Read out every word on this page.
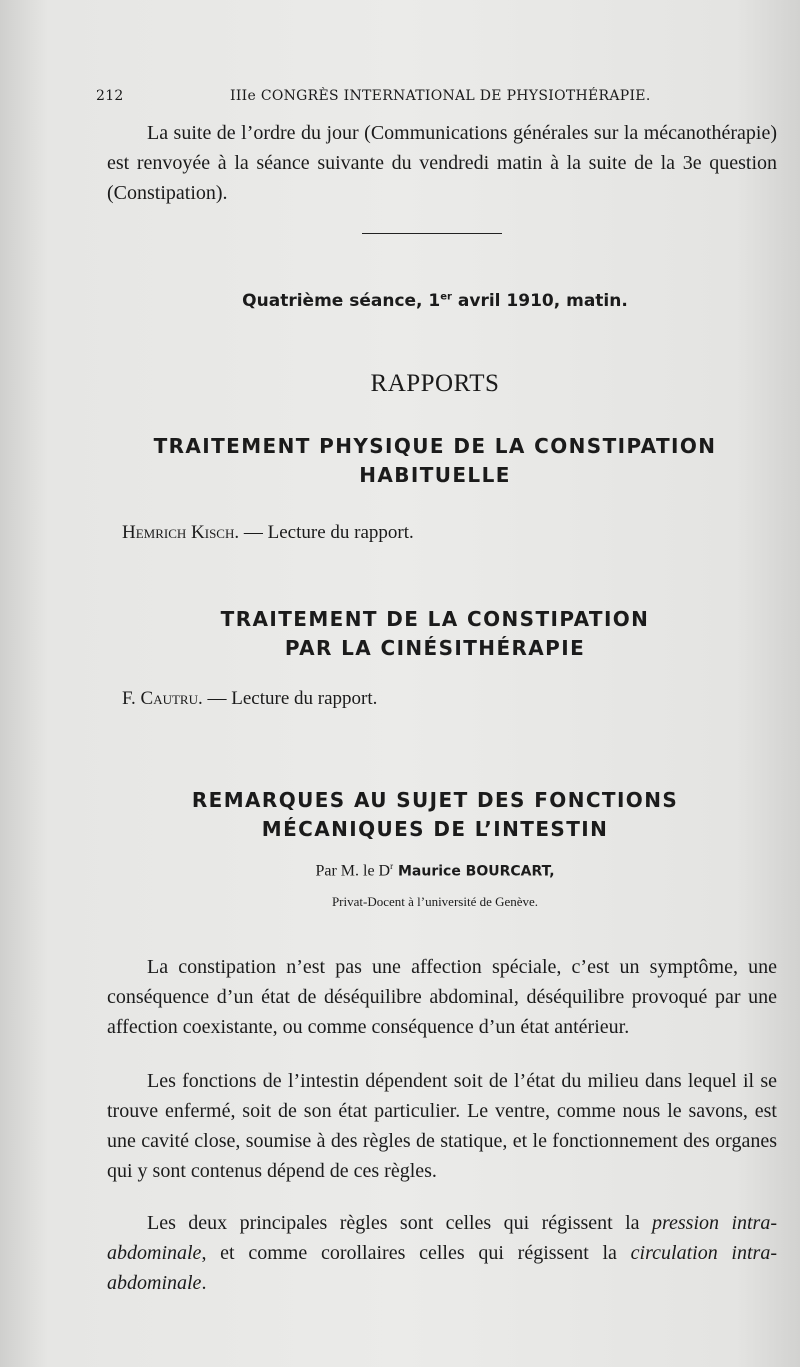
212	IIIe CONGRÈS INTERNATIONAL DE PHYSIOTHÉRAPIE.

La suite de l’ordre du jour (Communications générales sur la mécanothérapie) est renvoyée à la séance suivante du vendredi matin à la suite de la 3e question (Constipation).

Quatrième séance, 1er avril 1910, matin.
RAPPORTS
TRAITEMENT PHYSIQUE DE LA CONSTIPATION
HABITUELLE
Hemrich Kisch. — Lecture du rapport.
TRAITEMENT DE LA CONSTIPATION
PAR LA CINÉSITHÉRAPIE
F. Cautru. — Lecture du rapport.
REMARQUES AU SUJET DES FONCTIONS
MÉCANIQUES DE L’INTESTIN
Par M. le $D^r$ Maurice BOURCART,
Privat-Docent à l’université de Genève.

La constipation n’est pas une affection spéciale, c’est un symptôme, une conséquence d’un état de déséquilibre abdominal, déséquilibre provoqué par une affection coexistante, ou comme conséquence d’un état antérieur.

Les fonctions de l’intestin dépendent soit de l’état du milieu dans lequel il se trouve enfermé, soit de son état particulier. Le ventre, comme nous le savons, est une cavité close, soumise à des règles de statique, et le fonctionnement des organes qui y sont contenus dépend de ces règles.

Les deux principales règles sont celles qui régissent la pression intra-abdominale, et comme corollaires celles qui régissent la circulation intra-abdominale.
